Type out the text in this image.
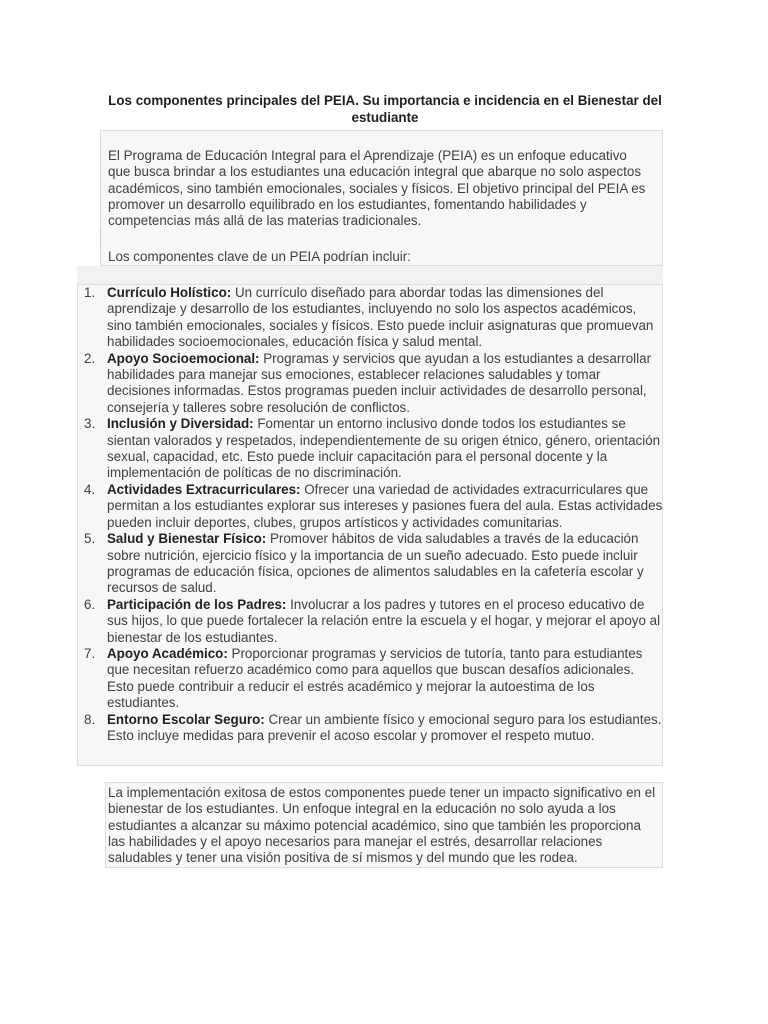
Los componentes principales del PEIA. Su importancia e incidencia en el Bienestar del estudiante

El Programa de Educación Integral para el Aprendizaje (PEIA) es un enfoque educativo que busca brindar a los estudiantes una educación integral que abarque no solo aspectos académicos, sino también emocionales, sociales y físicos. El objetivo principal del PEIA es promover un desarrollo equilibrado en los estudiantes, fomentando habilidades y competencias más allá de las materias tradicionales.

Los componentes clave de un PEIA podrían incluir:

1. Currículo Holístico: Un currículo diseñado para abordar todas las dimensiones del aprendizaje y desarrollo de los estudiantes, incluyendo no solo los aspectos académicos, sino también emocionales, sociales y físicos. Esto puede incluir asignaturas que promuevan habilidades socioemocionales, educación física y salud mental.
2. Apoyo Socioemocional: Programas y servicios que ayudan a los estudiantes a desarrollar habilidades para manejar sus emociones, establecer relaciones saludables y tomar decisiones informadas. Estos programas pueden incluir actividades de desarrollo personal, consejería y talleres sobre resolución de conflictos.
3. Inclusión y Diversidad: Fomentar un entorno inclusivo donde todos los estudiantes se sientan valorados y respetados, independientemente de su origen étnico, género, orientación sexual, capacidad, etc. Esto puede incluir capacitación para el personal docente y la implementación de políticas de no discriminación.
4. Actividades Extracurriculares: Ofrecer una variedad de actividades extracurriculares que permitan a los estudiantes explorar sus intereses y pasiones fuera del aula. Estas actividades pueden incluir deportes, clubes, grupos artísticos y actividades comunitarias.
5. Salud y Bienestar Físico: Promover hábitos de vida saludables a través de la educación sobre nutrición, ejercicio físico y la importancia de un sueño adecuado. Esto puede incluir programas de educación física, opciones de alimentos saludables en la cafetería escolar y recursos de salud.
6. Participación de los Padres: Involucrar a los padres y tutores en el proceso educativo de sus hijos, lo que puede fortalecer la relación entre la escuela y el hogar, y mejorar el apoyo al bienestar de los estudiantes.
7. Apoyo Académico: Proporcionar programas y servicios de tutoría, tanto para estudiantes que necesitan refuerzo académico como para aquellos que buscan desafíos adicionales. Esto puede contribuir a reducir el estrés académico y mejorar la autoestima de los estudiantes.
8. Entorno Escolar Seguro: Crear un ambiente físico y emocional seguro para los estudiantes. Esto incluye medidas para prevenir el acoso escolar y promover el respeto mutuo.

La implementación exitosa de estos componentes puede tener un impacto significativo en el bienestar de los estudiantes. Un enfoque integral en la educación no solo ayuda a los estudiantes a alcanzar su máximo potencial académico, sino que también les proporciona las habilidades y el apoyo necesarios para manejar el estrés, desarrollar relaciones saludables y tener una visión positiva de sí mismos y del mundo que les rodea.
